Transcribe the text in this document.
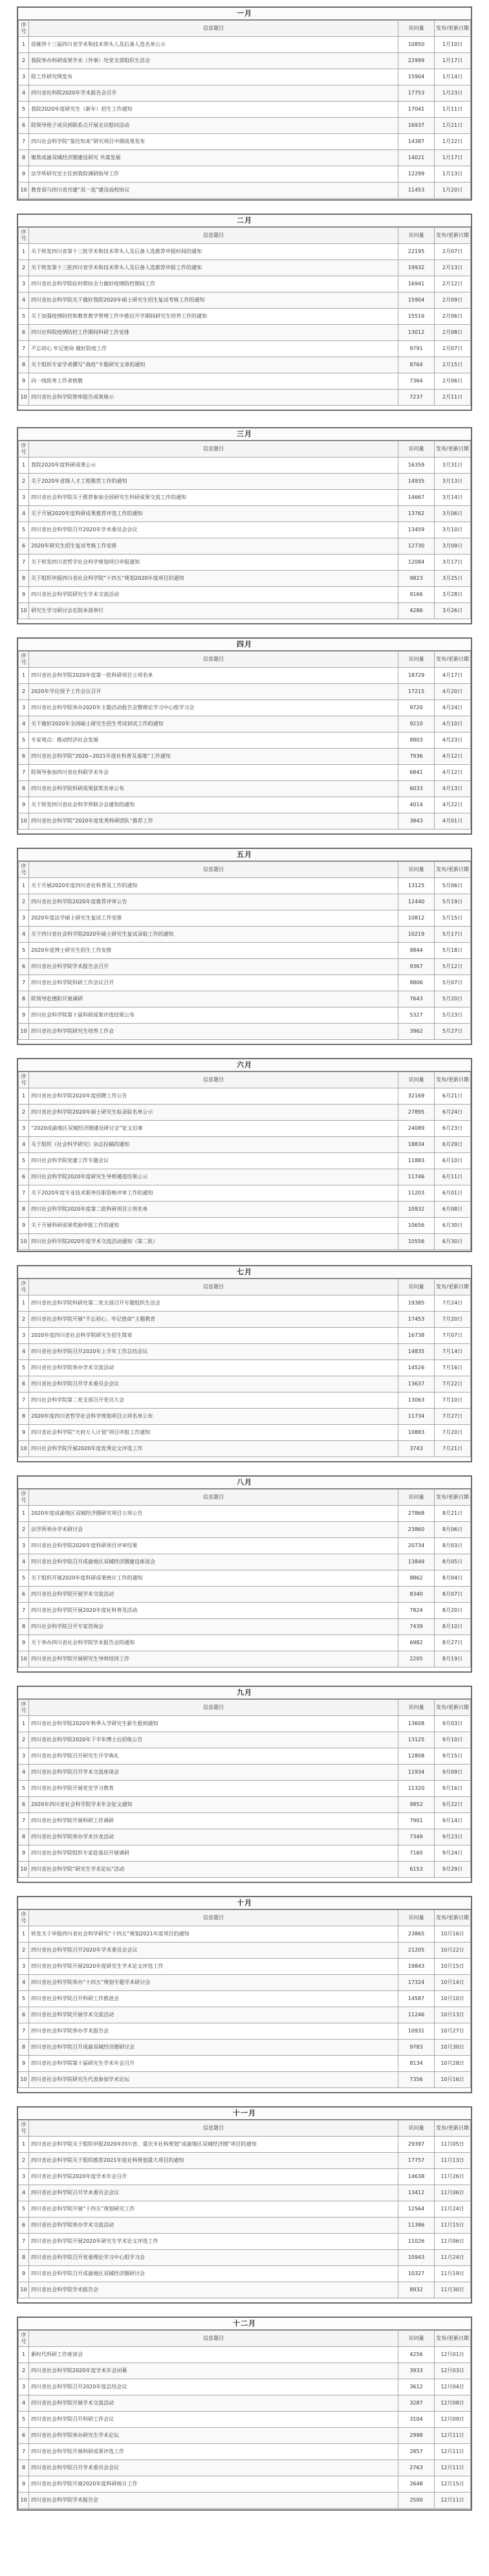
一月
序号	信息题目	访问量	发布/更新日期
1	徐娅萍十三届四川省学术和技术带头人及后备人选名单公示	10850	1月10日
2	我院举办科研成果学术（外事）处党支部组织生活会	22999	1月17日
3	院工作研究网发布	15904	1月14日
4	四川省社科院2020年学术报告会召开	17753	1月23日
5	我院2020年度研究生（新年）招生工作通知	17041	1月11日
6	院领导班子成员到联系点开展走访慰问活动	16937	1月21日
7	四川社会科学院“鉴往知来”研究项目中期成果发布	14387	1月22日
8	聚焦成渝双城经济圈建设研究 共谋发展	14021	1月17日
9	法学所研究室主任到我院调研指导工作	12299	1月13日
10	教育部与四川省共建“双一流”建设高校协议	11453	1月20日
二月
序号	信息题目	访问量	发布/更新日期
1	关于转发四川省第十三批学术和技术带头人及后备人选推荐申报时间的通知	22195	2月07日
2	关于转发第十三批四川省学术和技术带头人及后备人选推荐申报工作的通知	19932	2月13日
3	四川省社会科学院驻村帮扶全力做好疫情防控期间工作	16941	2月12日
4	四川省社会科学院关于做好我院2020年硕士研究生招生复试考核工作的通知	15904	2月09日
5	关于加强疫情防控和教育教学管理工作中推迟开学期间研究生培养工作的通知	15516	2月06日
6	四川社科院疫情防控工作期间科研工作安排	13012	2月08日
7	不忘初心 牢记使命 做好防疫工作	9791	2月07日
8	关于组织专家学者撰写“战疫”专题研究文章的通知	8764	2月15日
9	向一线医务工作者致敬	7364	2月06日
10	四川省社会科学院智库报告成果展示	7237	2月11日
三月
序号	信息题目	访问量	发布/更新日期
1	我院2020年度科研成果公示	16359	3月31日
2	关于2020年省级人才工程推荐工作的通知	14935	3月13日
3	四川省社会科学院关于推荐参加全国研究生科研成果交流工作的通知	14667	3月14日
4	关于开展2020年度科研成果推荐评选工作的通知	13762	3月06日
5	四川省社会科学院召开2020年学术委员会会议	13459	3月10日
6	2020年研究生招生复试考核工作安排	12730	3月09日
7	关于转发四川省哲学社会科学规划项目申报通知	12084	3月17日
8	关于组织申报四川省社会科学院“十四五”规划2020年度项目的通知	9823	3月25日
9	四川省社会科学院研究生学术交流活动	9166	3月28日
10	研究生学习研讨会在院本部举行	4286	3月26日
四月
序号	信息题目	访问量	发布/更新日期
1	四川省社会科学院2020年度第一批科研项目立项名单	18729	4月17日
2	2020年学位授予工作会议召开	17215	4月20日
3	四川省社会科学院举办2020年主题活动报告会暨理论学习中心组学习会	9720	4月24日
4	关于做好2020年全国硕士研究生招生考试初试工作的通知	9210	4月10日
5	专家观点：推动经济社会发展	8803	4月23日
6	四川省社会科学院“2020~2021年度社科普及基地”工作通知	7936	4月12日
7	院领导参加四川省社科联学术年会	6841	4月12日
8	四川省社会科学院科研成果获奖名单公布	6033	4月13日
9	关于转发四川省社会科学界联合会通知的通知	4014	4月22日
10	四川省社会科学院“2020年度优秀科研团队”推荐工作	3843	4月01日
五月
序号	信息题目	访问量	发布/更新日期
1	关于开展2020年度四川省社科普及工作的通知	13125	5月06日
2	四川省社会科学院2020年度推荐评审公告	12440	5月19日
3	2020年度法学硕士研究生复试工作安排	10812	5月15日
4	关于四川省社会科学院2020年硕士研究生复试录取工作的通知	10219	5月17日
5	2020年度博士研究生招生工作安排	9844	5月18日
6	四川省社会科学院学术报告会召开	9367	5月12日
7	四川省社会科学院科研工作会议召开	8806	5月07日
8	院领导赴德阳开展调研	7643	5月20日
9	四川社会科学院第十届科研成果评选结果公布	5327	5月23日
10	四川省社会科学院研究生培养工作会	3962	5月27日
六月
序号	信息题目	访问量	发布/更新日期
1	四川省社会科学院2020年度招聘工作公告	32169	6月21日
2	四川省社会科学院2020年硕士研究生拟录取名单公示	27895	6月24日
3	“2020成渝地区双城经济圈建设研讨会”征文启事	24089	6月23日
4	关于组织《社会科学研究》杂志投稿的通知	18834	6月29日
5	四川社会科学院党建工作专题会议	11883	6月10日
6	四川社会科学院2020年度研究生导师遴选结果公示	11746	6月11日
7	关于2020年度专业技术职务任职资格评审工作的通知	11203	6月01日
8	四川社会科学院2020年度第二批科研项目立项名单	10932	6月08日
9	关于开展科研成果奖励申报工作的通知	10656	6月30日
10	四川社会科学院2020年度学术交流活动通知（第二批）	10556	6月30日
七月
序号	信息题目	访问量	发布/更新日期
1	四川省社会科学院科研处第二党支部召开专题组织生活会	19385	7月24日
2	四川省社会科学院开展“不忘初心、牢记使命”主题教育	17453	7月20日
3	2020年度四川省社会科学院研究生招生简章	16738	7月07日
4	四川省社会科学院召开2020年上半年工作总结会议	14835	7月14日
5	四川省社会科学院举办学术交流活动	14526	7月16日
6	四川省社会科学院召开学术委员会会议	13637	7月22日
7	四川社会科学院第二党支部召开党员大会	13063	7月10日
8	2020年度四川省哲学社会科学规划项目立项名单公布	11734	7月27日
9	四川省社会科学院“天府万人计划”项目申报工作通知	10883	7月20日
10	四川社会科学院开展2020年度优秀论文评选工作	3743	7月21日
八月
序号	信息题目	访问量	发布/更新日期
1	2020年度成渝地区双城经济圈研究项目立项公告	27868	8月21日
2	法学所举办学术研讨会	23860	8月06日
3	四川省社会科学院2020年度科研项目评审结果	20734	8月03日
4	四川省社会科学院召开成渝地区双城经济圈建设座谈会	13849	8月05日
5	关于组织开展2020年度科研成果统计工作的通知	8862	8月04日
6	四川省社会科学院开展学术交流活动	8340	8月07日
7	四川省社会科学院开展2020年度社科普及活动	7824	8月20日
8	四川社会科学院召开专家咨询会	7439	8月10日
9	关于举办四川省社会科学院学术报告会的通知	6982	8月27日
10	四川省社会科学院开展研究生导师培训工作	2205	8月19日
九月
序号	信息题目	访问量	发布/更新日期
1	四川省社会科学院2020年秋季入学研究生新生报到通知	13608	9月03日
2	四川省社会科学院2020年下半年博士后招收公告	13125	9月10日
3	四川省社会科学院召开研究生开学典礼	12808	9月15日
4	四川省社会科学院召开学术交流座谈会	11934	9月09日
5	四川省社会科学院开展党史学习教育	11320	9月16日
6	2020年四川省社会科学院学术年会征文通知	9852	9月22日
7	四川省社会科学院开展科研工作调研	7901	9月14日
8	四川省社会科学院举办学术沙龙活动	7349	9月23日
9	四川省社会科学院组织专家赴基层开展调研	7160	9月24日
10	四川省社会科学院“研究生学术论坛”活动	6153	9月29日
十月
序号	信息题目	访问量	发布/更新日期
1	转发关于申报四川省社会科学研究“十四五”规划2021年度项目的通知	23865	10月16日
2	四川省社会科学院召开2020年学术委员会会议	21205	10月22日
3	四川省社会科学院开展2020年度研究生学术论文评选工作	19843	10月15日
4	四川省社会科学院举办“十四五”规划专题学术研讨会	17324	10月14日
5	四川省社会科学院召开科研工作推进会	14587	10月10日
6	四川省社会科学院开展学术交流活动	11246	10月13日
7	四川省社会科学院举办学术报告会	10931	10月27日
8	四川省社会科学院召开成渝双城经济圈研讨会	9783	10月30日
9	四川省社会科学院第十届研究生学术年会召开	8134	10月28日
10	四川省社会科学院研究生代表参加学术论坛	7356	10月16日
十一月
序号	信息题目	访问量	发布/更新日期
1	四川省社会科学院关于组织申报2020年四川省、重庆市社科规划“成渝地区双城经济圈”项目的通知	29397	11月05日
2	四川省社会科学院关于组织推荐2021年度社科规划重大项目的通知	17757	11月13日
3	四川省社会科学院2020年度学术年会召开	14638	11月26日
4	四川省社会科学院召开学术委员会会议	13412	11月06日
5	四川省社会科学院开展“十四五”规划研究工作	12564	11月24日
6	四川省社会科学院举办学术交流活动	11386	11月15日
7	四川省社会科学院开展2020年研究生学术论文评选工作	11026	11月06日
8	四川省社会科学院召开党委理论学习中心组学习会	10943	11月24日
9	四川省社会科学院召开成渝地区双城经济圈研讨会	10327	11月19日
10	四川省社会科学院学术报告会	8932	11月30日
十二月
序号	信息题目	访问量	发布/更新日期
1	新时代科研工作座谈会	4256	12月01日
2	四川省社会科学院2020年度学术年会闭幕	3933	12月03日
3	四川省社会科学院召开2020年度总结会议	3612	12月04日
4	四川省社会科学院开展学术交流活动	3287	12月08日
5	四川省社会科学院召开科研工作会议	3104	12月09日
6	四川省社会科学院举办研究生学术论坛	2998	12月11日
7	四川省社会科学院开展科研成果评选工作	2857	12月11日
8	四川省社会科学院召开学术委员会会议	2763	12月11日
9	四川省社会科学院开展2020年度科研统计工作	2648	12月15日
10	四川省社会科学院学术报告会	2500	12月11日
